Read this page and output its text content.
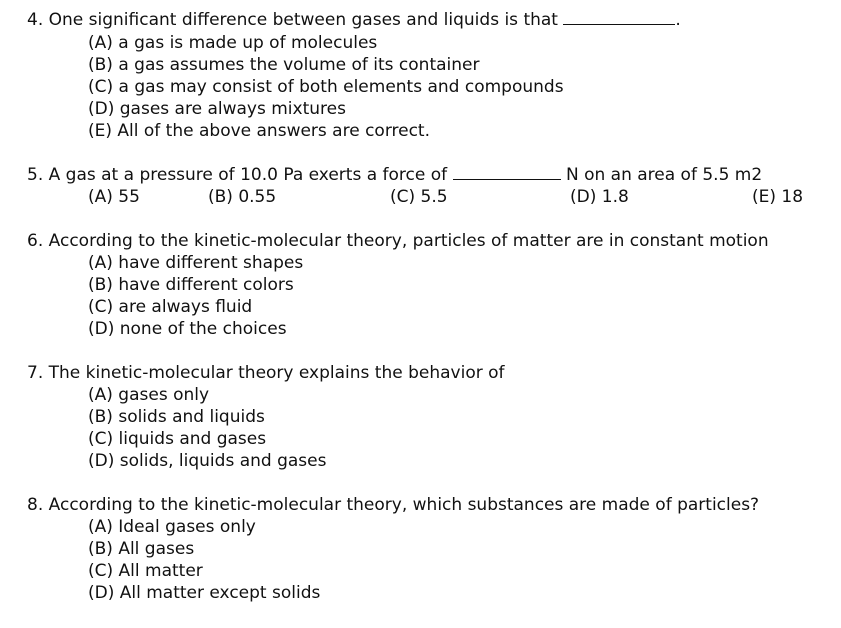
4. One significant difference between gases and liquids is that	.
(A) a gas is made up of molecules
(B) a gas assumes the volume of its container
(C) a gas may consist of both elements and compounds
(D) gases are always mixtures
(E) All of the above answers are correct.
5. A gas at a pressure of 10.0 Pa exerts a force of	N on an area of 5.5 m2
(A) 55	(B) 0.55	(C) 5.5	(D) 1.8	(E) 18
6. According to the kinetic-molecular theory, particles of matter are in constant motion
(A) have different shapes
(B) have different colors
(C) are always fluid
(D) none of the choices
7. The kinetic-molecular theory explains the behavior of
(A) gases only
(B) solids and liquids
(C) liquids and gases
(D) solids, liquids and gases
8. According to the kinetic-molecular theory, which substances are made of particles?
(A) Ideal gases only
(B) All gases
(C) All matter
(D) All matter except solids
